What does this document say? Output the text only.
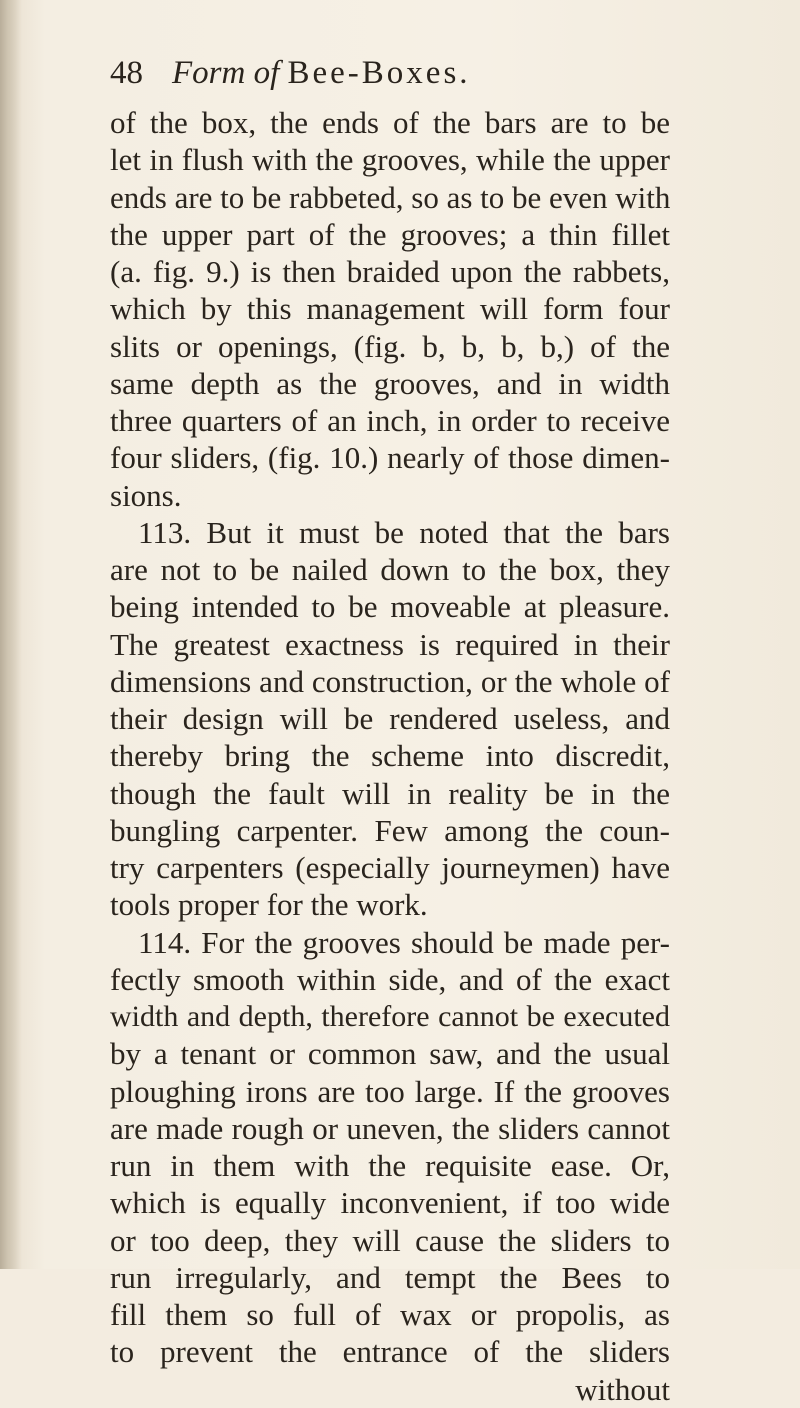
48 Form of Bee-Boxes.
of the box, the ends of the bars are to be
let in flush with the grooves, while the upper
ends are to be rabbeted, so as to be even with
the upper part of the grooves; a thin fillet
(a. fig. 9.) is then braided upon the rabbets,
which by this management will form four
slits or openings, (fig. b, b, b, b,) of the
same depth as the grooves, and in width
three quarters of an inch, in order to receive
four sliders, (fig. 10.) nearly of those dimen-
sions.
113. But it must be noted that the bars
are not to be nailed down to the box, they
being intended to be moveable at pleasure.
The greatest exactness is required in their
dimensions and construction, or the whole of
their design will be rendered useless, and
thereby bring the scheme into discredit,
though the fault will in reality be in the
bungling carpenter. Few among the coun-
try carpenters (especially journeymen) have
tools proper for the work.
114. For the grooves should be made per-
fectly smooth within side, and of the exact
width and depth, therefore cannot be executed
by a tenant or common saw, and the usual
ploughing irons are too large. If the grooves
are made rough or uneven, the sliders cannot
run in them with the requisite ease. Or,
which is equally inconvenient, if too wide
or too deep, they will cause the sliders to
run irregularly, and tempt the Bees to
fill them so full of wax or propolis, as
to prevent the entrance of the sliders
without
